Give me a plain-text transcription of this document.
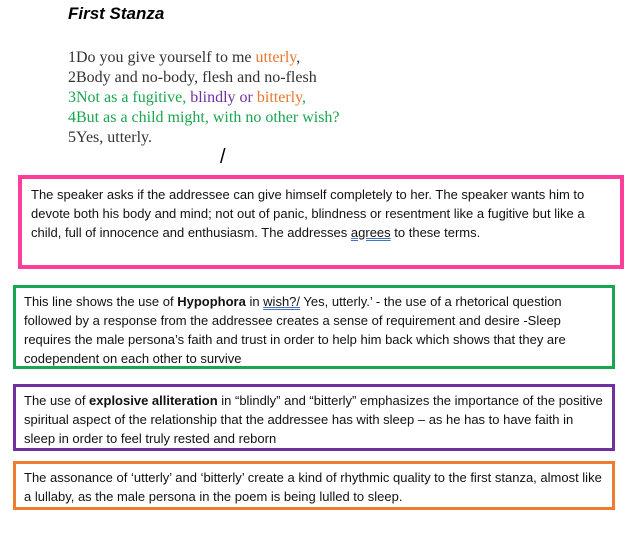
First Stanza
1Do you give yourself to me utterly,
2Body and no-body, flesh and no-flesh
3Not as a fugitive, blindly or bitterly,
4But as a child might, with no other wish?
5Yes, utterly.
/
The speaker asks if the addressee can give himself completely to her. The speaker wants him to devote both his body and mind; not out of panic, blindness or resentment like a fugitive but like a child, full of innocence and enthusiasm. The addresses agrees to these terms.
This line shows the use of Hypophora in wish?/ Yes, utterly.’ - the use of a rhetorical question followed by a response from the addressee creates a sense of requirement and desire -Sleep requires the male persona’s faith and trust in order to help him back which shows that they are codependent on each other to survive
The use of explosive alliteration in “blindly” and “bitterly” emphasizes the importance of the positive spiritual aspect of the relationship that the addressee has with sleep – as he has to have faith in sleep in order to feel truly rested and reborn
The assonance of ‘utterly’ and ‘bitterly’ create a kind of rhythmic quality to the first stanza, almost like a lullaby, as the male persona in the poem is being lulled to sleep.
